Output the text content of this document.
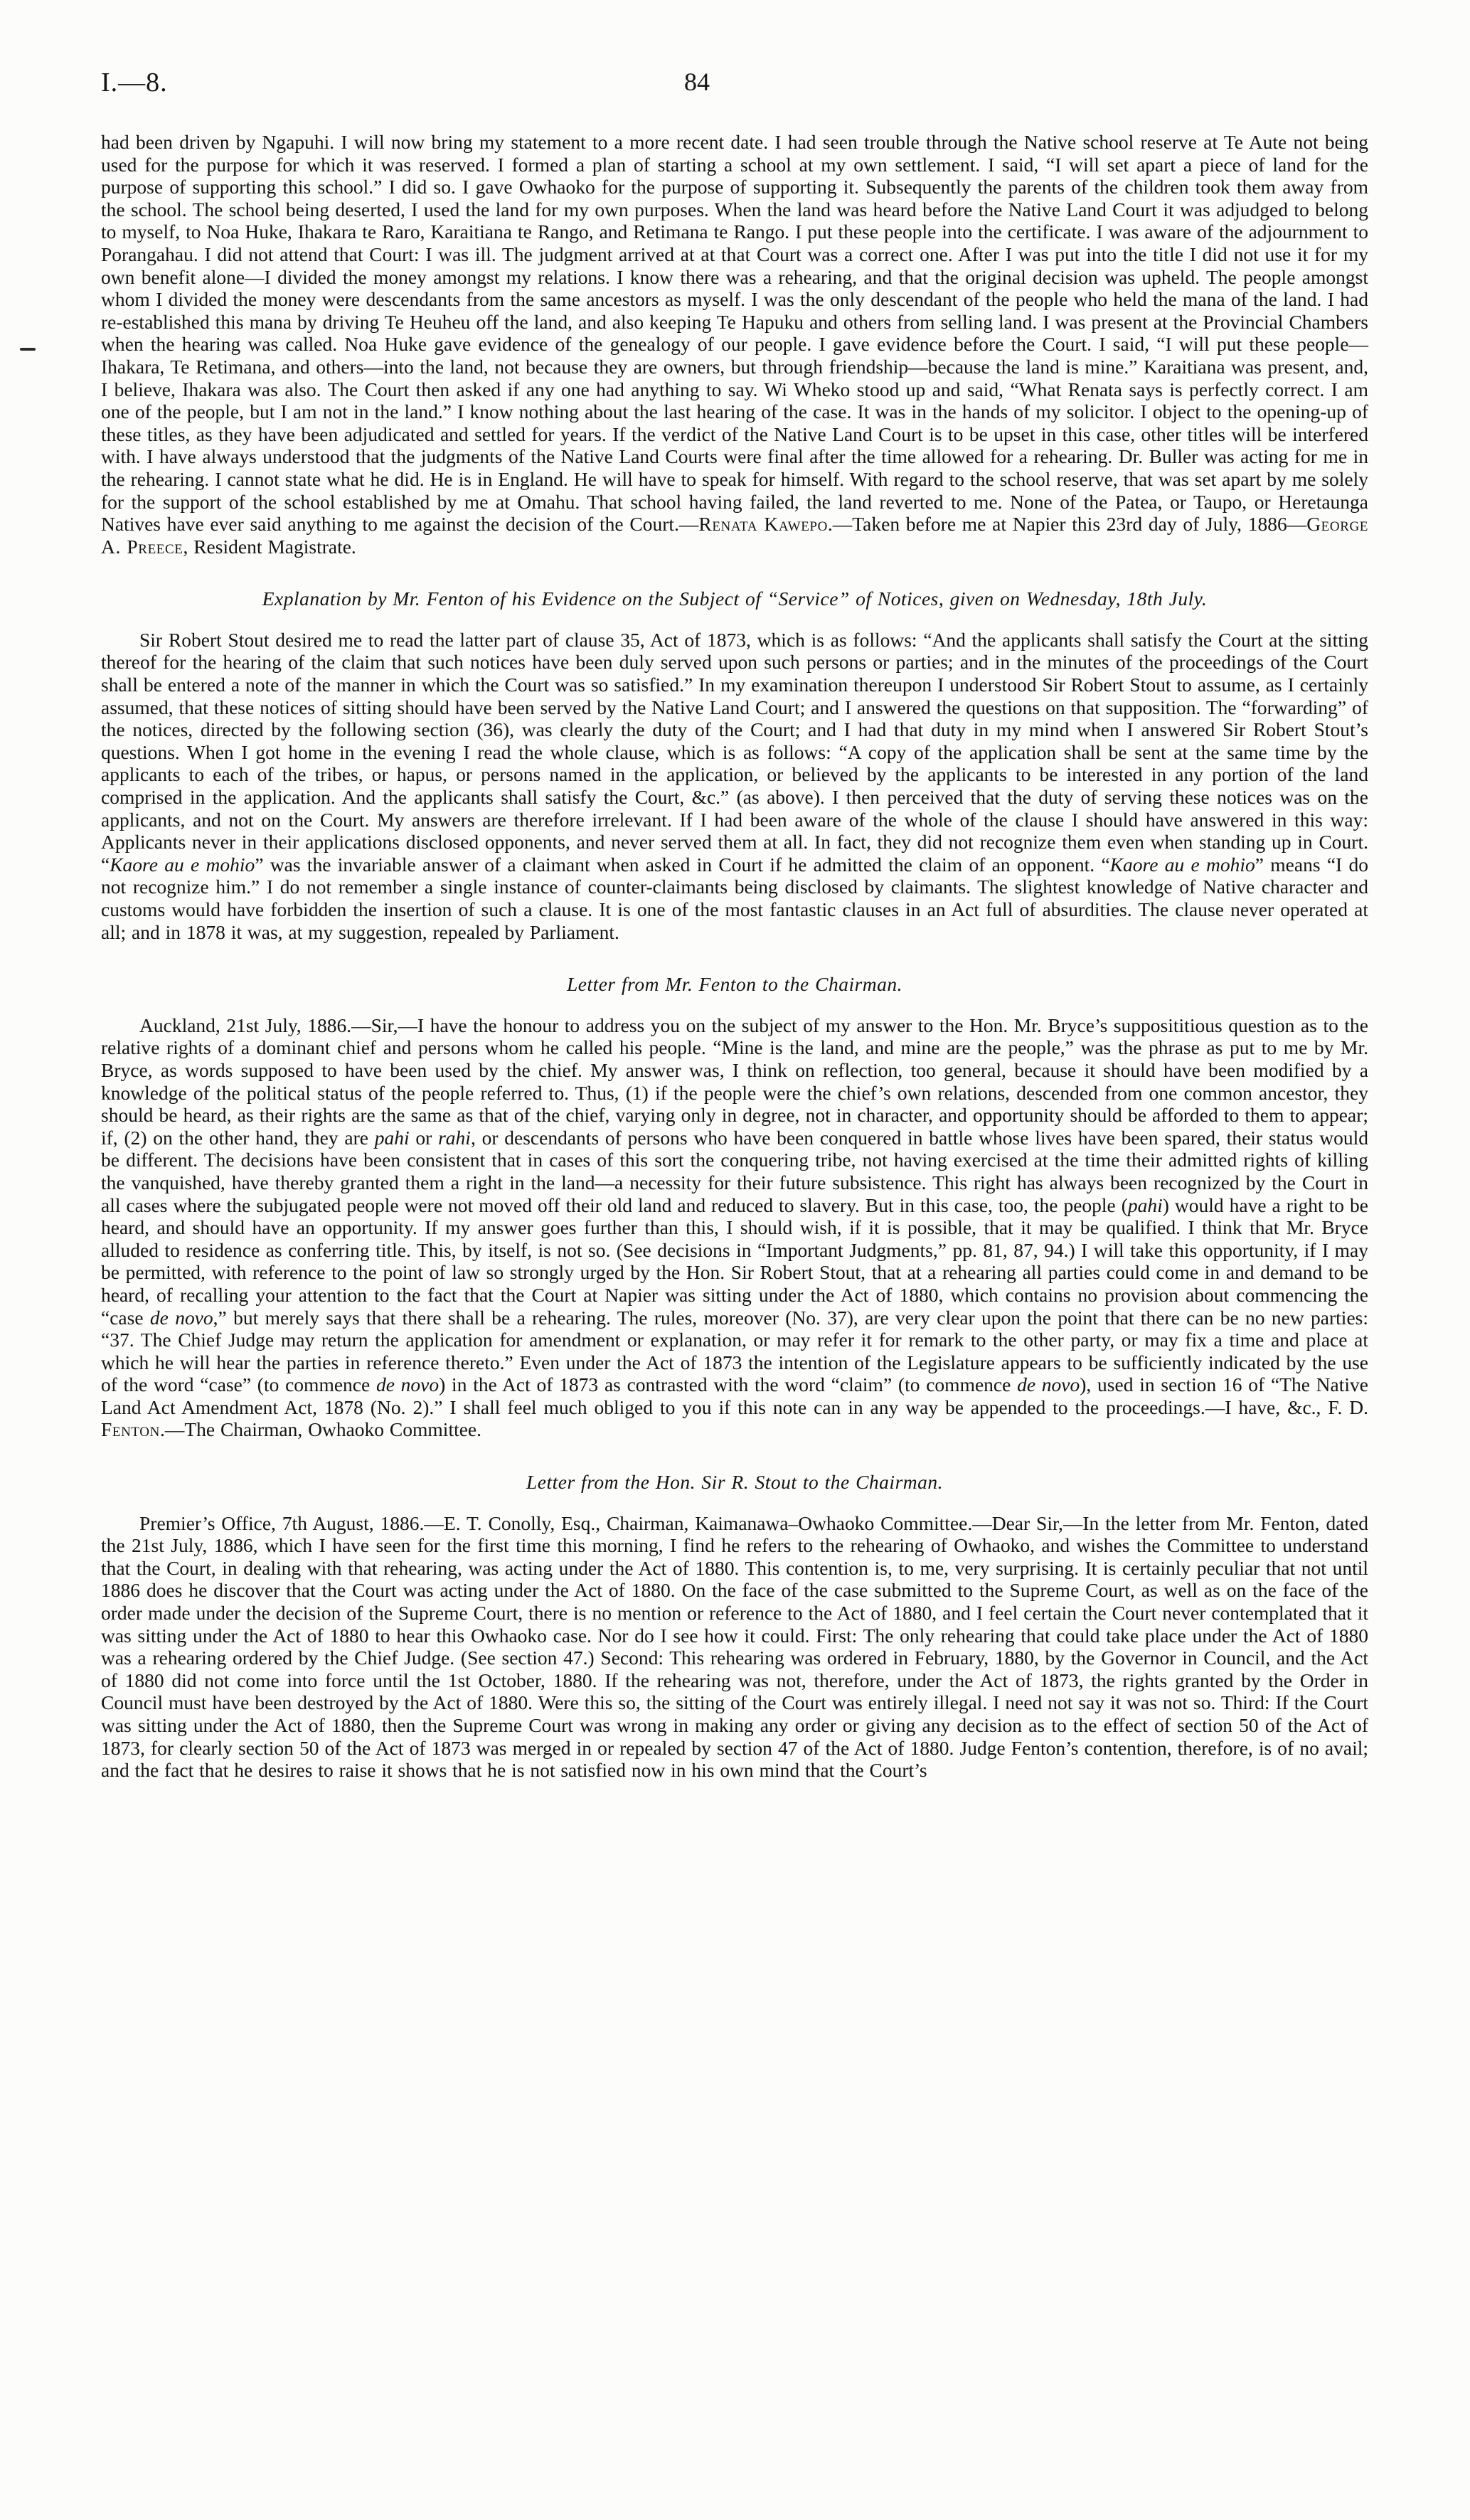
I.—8.	84

had been driven by Ngapuhi. I will now bring my statement to a more recent date. I had seen trouble through the Native school reserve at Te Aute not being used for the purpose for which it was reserved. I formed a plan of starting a school at my own settlement. I said, “I will set apart a piece of land for the purpose of supporting this school.” I did so. I gave Owhaoko for the purpose of supporting it. Subsequently the parents of the children took them away from the school. The school being deserted, I used the land for my own purposes. When the land was heard before the Native Land Court it was adjudged to belong to myself, to Noa Huke, Ihakara te Raro, Karaitiana te Rango, and Retimana te Rango. I put these people into the certificate. I was aware of the adjournment to Porangahau. I did not attend that Court: I was ill. The judgment arrived at at that Court was a correct one. After I was put into the title I did not use it for my own benefit alone—I divided the money amongst my relations. I know there was a rehearing, and that the original decision was upheld. The people amongst whom I divided the money were descendants from the same ancestors as myself. I was the only descendant of the people who held the mana of the land. I had re-established this mana by driving Te Heuheu off the land, and also keeping Te Hapuku and others from selling land. I was present at the Provincial Chambers when the hearing was called. Noa Huke gave evidence of the genealogy of our people. I gave evidence before the Court. I said, “I will put these people—Ihakara, Te Retimana, and others—into the land, not because they are owners, but through friendship—because the land is mine.” Karaitiana was present, and, I believe, Ihakara was also. The Court then asked if any one had anything to say. Wi Wheko stood up and said, “What Renata says is perfectly correct. I am one of the people, but I am not in the land.” I know nothing about the last hearing of the case. It was in the hands of my solicitor. I object to the opening-up of these titles, as they have been adjudicated and settled for years. If the verdict of the Native Land Court is to be upset in this case, other titles will be interfered with. I have always understood that the judgments of the Native Land Courts were final after the time allowed for a rehearing. Dr. Buller was acting for me in the rehearing. I cannot state what he did. He is in England. He will have to speak for himself. With regard to the school reserve, that was set apart by me solely for the support of the school established by me at Omahu. That school having failed, the land reverted to me. None of the Patea, or Taupo, or Heretaunga Natives have ever said anything to me against the decision of the Court.—Renata Kawepo.—Taken before me at Napier this 23rd day of July, 1886—George A. Preece, Resident Magistrate.

Explanation by Mr. Fenton of his Evidence on the Subject of “Service” of Notices, given on Wednesday, 18th July.

Sir Robert Stout desired me to read the latter part of clause 35, Act of 1873, which is as follows: “And the applicants shall satisfy the Court at the sitting thereof for the hearing of the claim that such notices have been duly served upon such persons or parties; and in the minutes of the proceedings of the Court shall be entered a note of the manner in which the Court was so satisfied.” In my examination thereupon I understood Sir Robert Stout to assume, as I certainly assumed, that these notices of sitting should have been served by the Native Land Court; and I answered the questions on that supposition. The “forwarding” of the notices, directed by the following section (36), was clearly the duty of the Court; and I had that duty in my mind when I answered Sir Robert Stout’s questions. When I got home in the evening I read the whole clause, which is as follows: “A copy of the application shall be sent at the same time by the applicants to each of the tribes, or hapus, or persons named in the application, or believed by the applicants to be interested in any portion of the land comprised in the application. And the applicants shall satisfy the Court, &c.” (as above). I then perceived that the duty of serving these notices was on the applicants, and not on the Court. My answers are therefore irrelevant. If I had been aware of the whole of the clause I should have answered in this way: Applicants never in their applications disclosed opponents, and never served them at all. In fact, they did not recognize them even when standing up in Court. “Kaore au e mohio” was the invariable answer of a claimant when asked in Court if he admitted the claim of an opponent. “Kaore au e mohio” means “I do not recognize him.” I do not remember a single instance of counter-claimants being disclosed by claimants. The slightest knowledge of Native character and customs would have forbidden the insertion of such a clause. It is one of the most fantastic clauses in an Act full of absurdities. The clause never operated at all; and in 1878 it was, at my suggestion, repealed by Parliament.

Letter from Mr. Fenton to the Chairman.

Auckland, 21st July, 1886.—Sir,—I have the honour to address you on the subject of my answer to the Hon. Mr. Bryce’s supposititious question as to the relative rights of a dominant chief and persons whom he called his people. “Mine is the land, and mine are the people,” was the phrase as put to me by Mr. Bryce, as words supposed to have been used by the chief. My answer was, I think on reflection, too general, because it should have been modified by a knowledge of the political status of the people referred to. Thus, (1) if the people were the chief’s own relations, descended from one common ancestor, they should be heard, as their rights are the same as that of the chief, varying only in degree, not in character, and opportunity should be afforded to them to appear; if, (2) on the other hand, they are pahi or rahi, or descendants of persons who have been conquered in battle whose lives have been spared, their status would be different. The decisions have been consistent that in cases of this sort the conquering tribe, not having exercised at the time their admitted rights of killing the vanquished, have thereby granted them a right in the land—a necessity for their future subsistence. This right has always been recognized by the Court in all cases where the subjugated people were not moved off their old land and reduced to slavery. But in this case, too, the people (pahi) would have a right to be heard, and should have an opportunity. If my answer goes further than this, I should wish, if it is possible, that it may be qualified. I think that Mr. Bryce alluded to residence as conferring title. This, by itself, is not so. (See decisions in “Important Judgments,” pp. 81, 87, 94.) I will take this opportunity, if I may be permitted, with reference to the point of law so strongly urged by the Hon. Sir Robert Stout, that at a rehearing all parties could come in and demand to be heard, of recalling your attention to the fact that the Court at Napier was sitting under the Act of 1880, which contains no provision about commencing the “case de novo,” but merely says that there shall be a rehearing. The rules, moreover (No. 37), are very clear upon the point that there can be no new parties: “37. The Chief Judge may return the application for amendment or explanation, or may refer it for remark to the other party, or may fix a time and place at which he will hear the parties in reference thereto.” Even under the Act of 1873 the intention of the Legislature appears to be sufficiently indicated by the use of the word “case” (to commence de novo) in the Act of 1873 as contrasted with the word “claim” (to commence de novo), used in section 16 of “The Native Land Act Amendment Act, 1878 (No. 2).” I shall feel much obliged to you if this note can in any way be appended to the proceedings.—I have, &c., F. D. Fenton.—The Chairman, Owhaoko Committee.

Letter from the Hon. Sir R. Stout to the Chairman.

Premier’s Office, 7th August, 1886.—E. T. Conolly, Esq., Chairman, Kaimanawa–Owhaoko Committee.—Dear Sir,—In the letter from Mr. Fenton, dated the 21st July, 1886, which I have seen for the first time this morning, I find he refers to the rehearing of Owhaoko, and wishes the Committee to understand that the Court, in dealing with that rehearing, was acting under the Act of 1880. This contention is, to me, very surprising. It is certainly peculiar that not until 1886 does he discover that the Court was acting under the Act of 1880. On the face of the case submitted to the Supreme Court, as well as on the face of the order made under the decision of the Supreme Court, there is no mention or reference to the Act of 1880, and I feel certain the Court never contemplated that it was sitting under the Act of 1880 to hear this Owhaoko case. Nor do I see how it could. First: The only rehearing that could take place under the Act of 1880 was a rehearing ordered by the Chief Judge. (See section 47.) Second: This rehearing was ordered in February, 1880, by the Governor in Council, and the Act of 1880 did not come into force until the 1st October, 1880. If the rehearing was not, therefore, under the Act of 1873, the rights granted by the Order in Council must have been destroyed by the Act of 1880. Were this so, the sitting of the Court was entirely illegal. I need not say it was not so. Third: If the Court was sitting under the Act of 1880, then the Supreme Court was wrong in making any order or giving any decision as to the effect of section 50 of the Act of 1873, for clearly section 50 of the Act of 1873 was merged in or repealed by section 47 of the Act of 1880. Judge Fenton’s contention, therefore, is of no avail; and the fact that he desires to raise it shows that he is not satisfied now in his own mind that the Court’s
